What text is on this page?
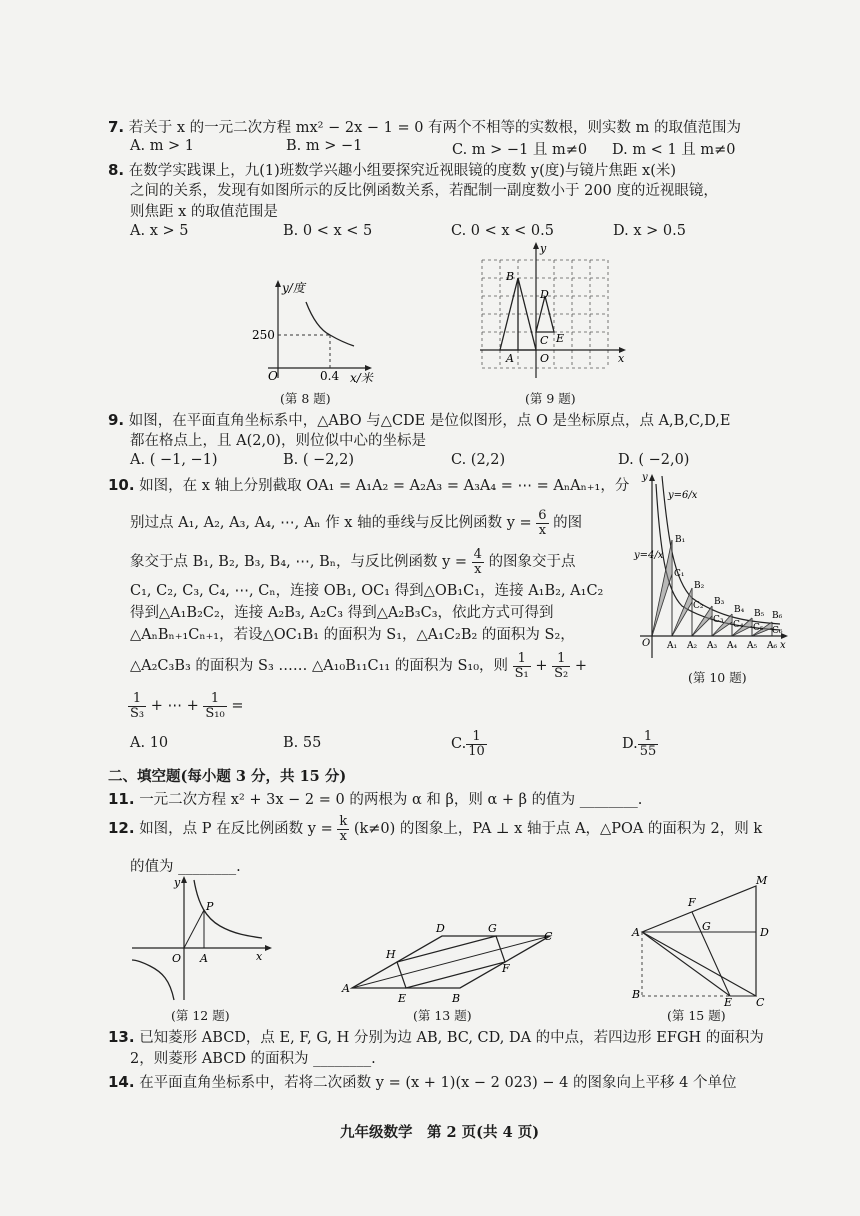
7. 若关于 x 的一元二次方程 mx² − 2x − 1 = 0 有两个不相等的实数根，则实数 m 的取值范围为
A. m > 1	B. m > −1	C. m > −1 且 m≠0 D. m < 1 且 m≠0
8. 在数学实践课上，九(1)班数学兴趣小组要探究近视眼镜的度数 y(度)与镜片焦距 x(米)
之间的关系，发现有如图所示的反比例函数关系，若配制一副度数小于 200 度的近视眼镜，
则焦距 x 的取值范围是
A. x > 5	B. 0 < x < 5	C. 0 < x < 0.5	D. x > 0.5
y/度
250
O	0.4 x/米
(第 8 题)
y
x
B
D
C E
A O
(第 9 题)
9. 如图，在平面直角坐标系中，△ABO 与△CDE 是位似图形，点 O 是坐标原点，点 A,B,C,D,E
都在格点上，且 A(2,0)，则位似中心的坐标是
A. ( −1, −1)	B. ( −2,2)	C. (2,2)	D. ( −2,0)
10. 如图，在 x 轴上分别截取 OA₁ = A₁A₂ = A₂A₃ = A₃A₄ = ⋯ = AₙAₙ₊₁，分
别过点 A₁, A₂, A₃, A₄, ⋯, Aₙ 作 x 轴的垂线与反比例函数 $y = \frac{6}{x}$ 的图
象交于点 B₁, B₂, B₃, B₄, ⋯, Bₙ，与反比例函数 $y = \frac{4}{x}$ 的图象交于点
C₁, C₂, C₃, C₄, ⋯, Cₙ，连接 OB₁, OC₁ 得到△OB₁C₁，连接 A₁B₂, A₁C₂
得到△A₁B₂C₂，连接 A₂B₃, A₂C₃ 得到△A₂B₃C₃，依此方式可得到
△AₙBₙ₊₁Cₙ₊₁，若设△OC₁B₁ 的面积为 S₁，△A₁C₂B₂ 的面积为 S₂，
△A₂C₃B₃ 的面积为 S₃ …… △A₁₀B₁₁C₁₁ 的面积为 S₁₀，则 $\frac{1}{\text{S₁}} + \frac{1}{\text{S₂}}$ +
$\frac{1}{\text{S₃}}$ + ⋯ + $\frac{1}{\text{S₁₀}}$ =
A. 10	B. 55	C. $\frac{1}{10}$	D. $\frac{1}{55}$
y=6/x
y=4/x
y
x
O
B₁
B₂
B₃
B₄ B₅ B₆
C₁
C₂
C₃ C₄ C₅ C₆
A₁ A₂ A₃ A₄ A₅ A₆
(第 10 题)
二、填空题(每小题 3 分，共 15 分)
11. 一元二次方程 x² + 3x − 2 = 0 的两根为 α 和 β，则 α + β 的值为 ________.
12. 如图，点 P 在反比例函数 $y = \frac{k}{x} (k\ne 0)$ 的图象上，PA ⊥ x 轴于点 A，△POA 的面积为 2，则 k
的值为 ________.
y
x
P
O A
(第 12 题)
A
B
C
D
E
F
G
H
(第 13 题)
M
F
G
A	D
B
E C
(第 15 题)
13. 已知菱形 ABCD，点 E, F, G, H 分别为边 AB, BC, CD, DA 的中点，若四边形 EFGH 的面积为
2，则菱形 ABCD 的面积为 ________.
14. 在平面直角坐标系中，若将二次函数 y = (x + 1)(x − 2 023) − 4 的图象向上平移 4 个单位
九年级数学　第 2 页(共 4 页)
